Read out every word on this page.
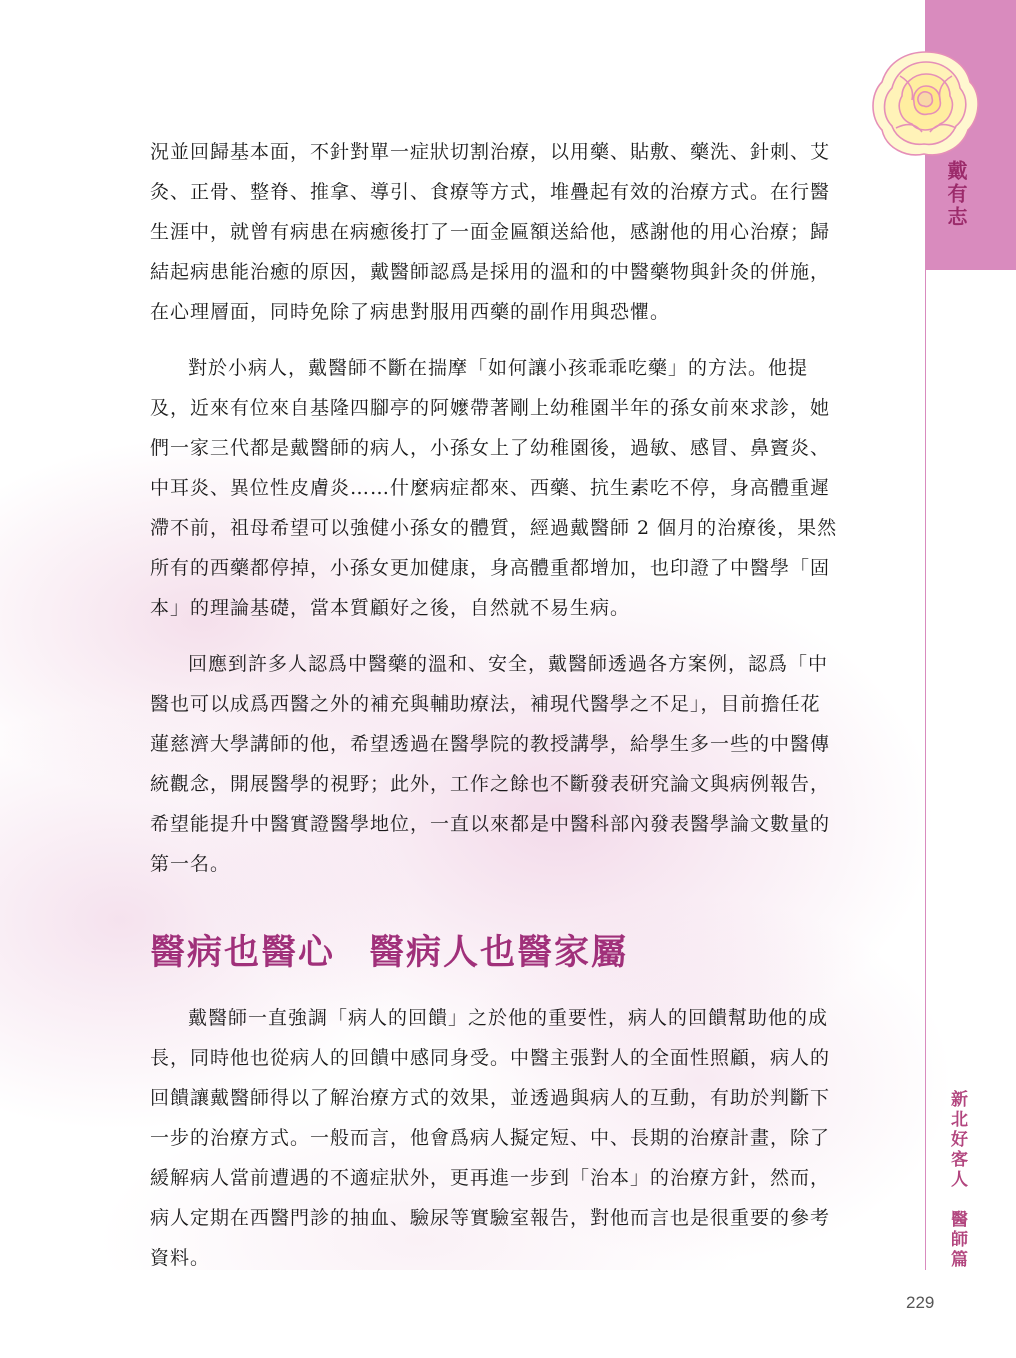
戴有志
新北好客人醫師篇
229

況並回歸基本面，不針對單一症狀切割治療，以用藥、貼敷、藥洗、針刺、艾灸、正骨、整脊、推拿、導引、食療等方式，堆疊起有效的治療方式。在行醫生涯中，就曾有病患在病癒後打了一面金匾額送給他，感謝他的用心治療；歸結起病患能治癒的原因，戴醫師認爲是採用的溫和的中醫藥物與針灸的併施，在心理層面，同時免除了病患對服用西藥的副作用與恐懼。

對於小病人，戴醫師不斷在揣摩「如何讓小孩乖乖吃藥」的方法。他提及，近來有位來自基隆四腳亭的阿嬤帶著剛上幼稚園半年的孫女前來求診，她們一家三代都是戴醫師的病人，小孫女上了幼稚園後，過敏、感冒、鼻竇炎、中耳炎、異位性皮膚炎……什麼病症都來、西藥、抗生素吃不停，身高體重遲滯不前，祖母希望可以強健小孫女的體質，經過戴醫師 2 個月的治療後，果然所有的西藥都停掉，小孫女更加健康，身高體重都增加，也印證了中醫學「固本」的理論基礎，當本質顧好之後，自然就不易生病。

回應到許多人認爲中醫藥的溫和、安全，戴醫師透過各方案例，認爲「中醫也可以成爲西醫之外的補充與輔助療法，補現代醫學之不足」，目前擔任花蓮慈濟大學講師的他，希望透過在醫學院的教授講學，給學生多一些的中醫傳統觀念，開展醫學的視野；此外，工作之餘也不斷發表研究論文與病例報告，希望能提升中醫實證醫學地位，一直以來都是中醫科部內發表醫學論文數量的第一名。

醫病也醫心 醫病人也醫家屬

戴醫師一直強調「病人的回饋」之於他的重要性，病人的回饋幫助他的成長，同時他也從病人的回饋中感同身受。中醫主張對人的全面性照顧，病人的回饋讓戴醫師得以了解治療方式的效果，並透過與病人的互動，有助於判斷下一步的治療方式。一般而言，他會爲病人擬定短、中、長期的治療計畫，除了緩解病人當前遭遇的不適症狀外，更再進一步到「治本」的治療方針，然而，病人定期在西醫門診的抽血、驗尿等實驗室報告，對他而言也是很重要的參考資料。
